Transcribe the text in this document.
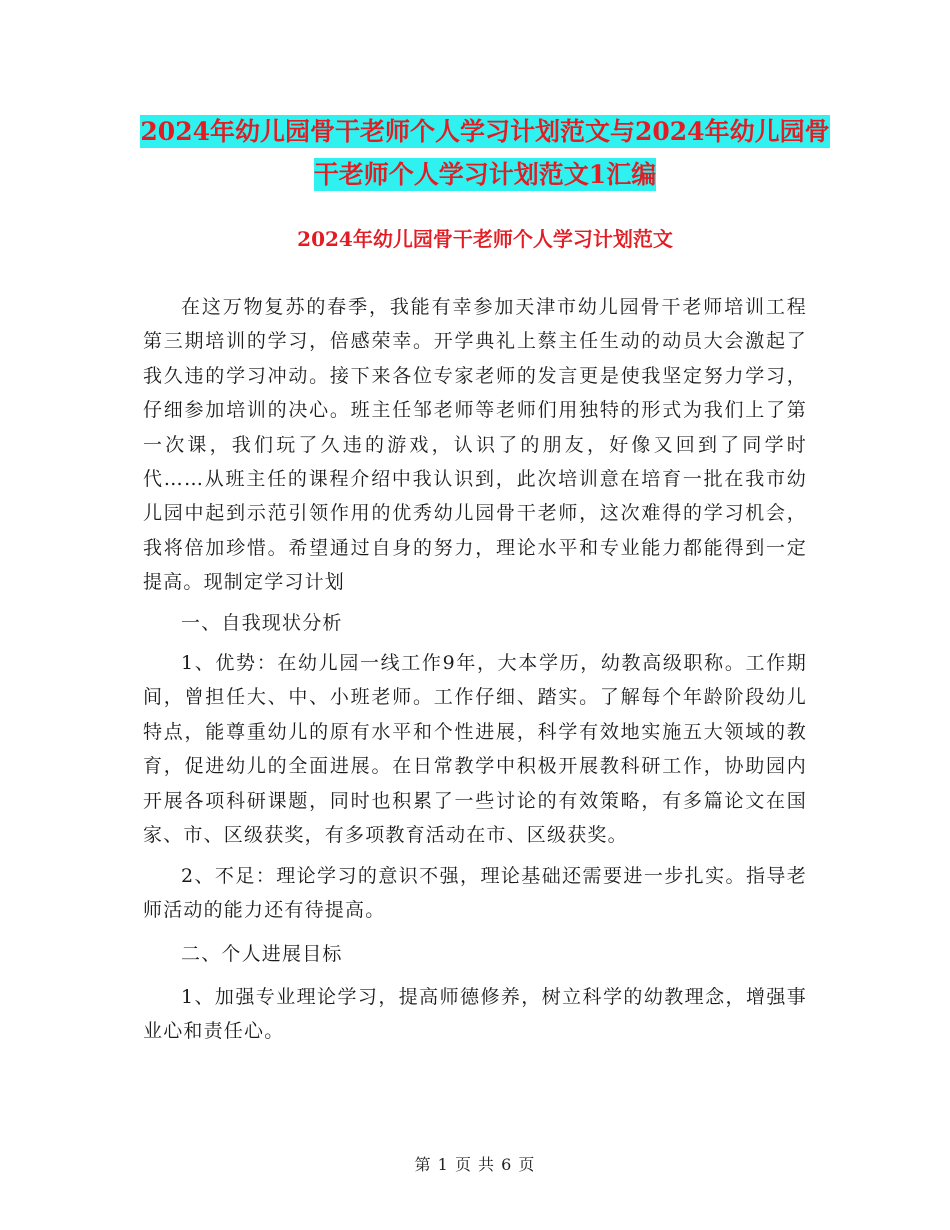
2024年幼儿园骨干老师个人学习计划范文与2024年幼儿园骨干老师个人学习计划范文1汇编
2024年幼儿园骨干老师个人学习计划范文

在这万物复苏的春季，我能有幸参加天津市幼儿园骨干老师培训工程第三期培训的学习，倍感荣幸。开学典礼上蔡主任生动的动员大会激起了我久违的学习冲动。接下来各位专家老师的发言更是使我坚定努力学习，仔细参加培训的决心。班主任邹老师等老师们用独特的形式为我们上了第一次课，我们玩了久违的游戏，认识了的朋友，好像又回到了同学时代……从班主任的课程介绍中我认识到，此次培训意在培育一批在我市幼儿园中起到示范引领作用的优秀幼儿园骨干老师，这次难得的学习机会，我将倍加珍惜。希望通过自身的努力，理论水平和专业能力都能得到一定提高。现制定学习计划

一、自我现状分析

1、优势：在幼儿园一线工作9年，大本学历，幼教高级职称。工作期间，曾担任大、中、小班老师。工作仔细、踏实。了解每个年龄阶段幼儿特点，能尊重幼儿的原有水平和个性进展，科学有效地实施五大领域的教育，促进幼儿的全面进展。在日常教学中积极开展教科研工作，协助园内开展各项科研课题，同时也积累了一些讨论的有效策略，有多篇论文在国家、市、区级获奖，有多项教育活动在市、区级获奖。

2、不足：理论学习的意识不强，理论基础还需要进一步扎实。指导老师活动的能力还有待提高。

二、个人进展目标

1、加强专业理论学习，提高师德修养，树立科学的幼教理念，增强事业心和责任心。

第 1 页 共 6 页
